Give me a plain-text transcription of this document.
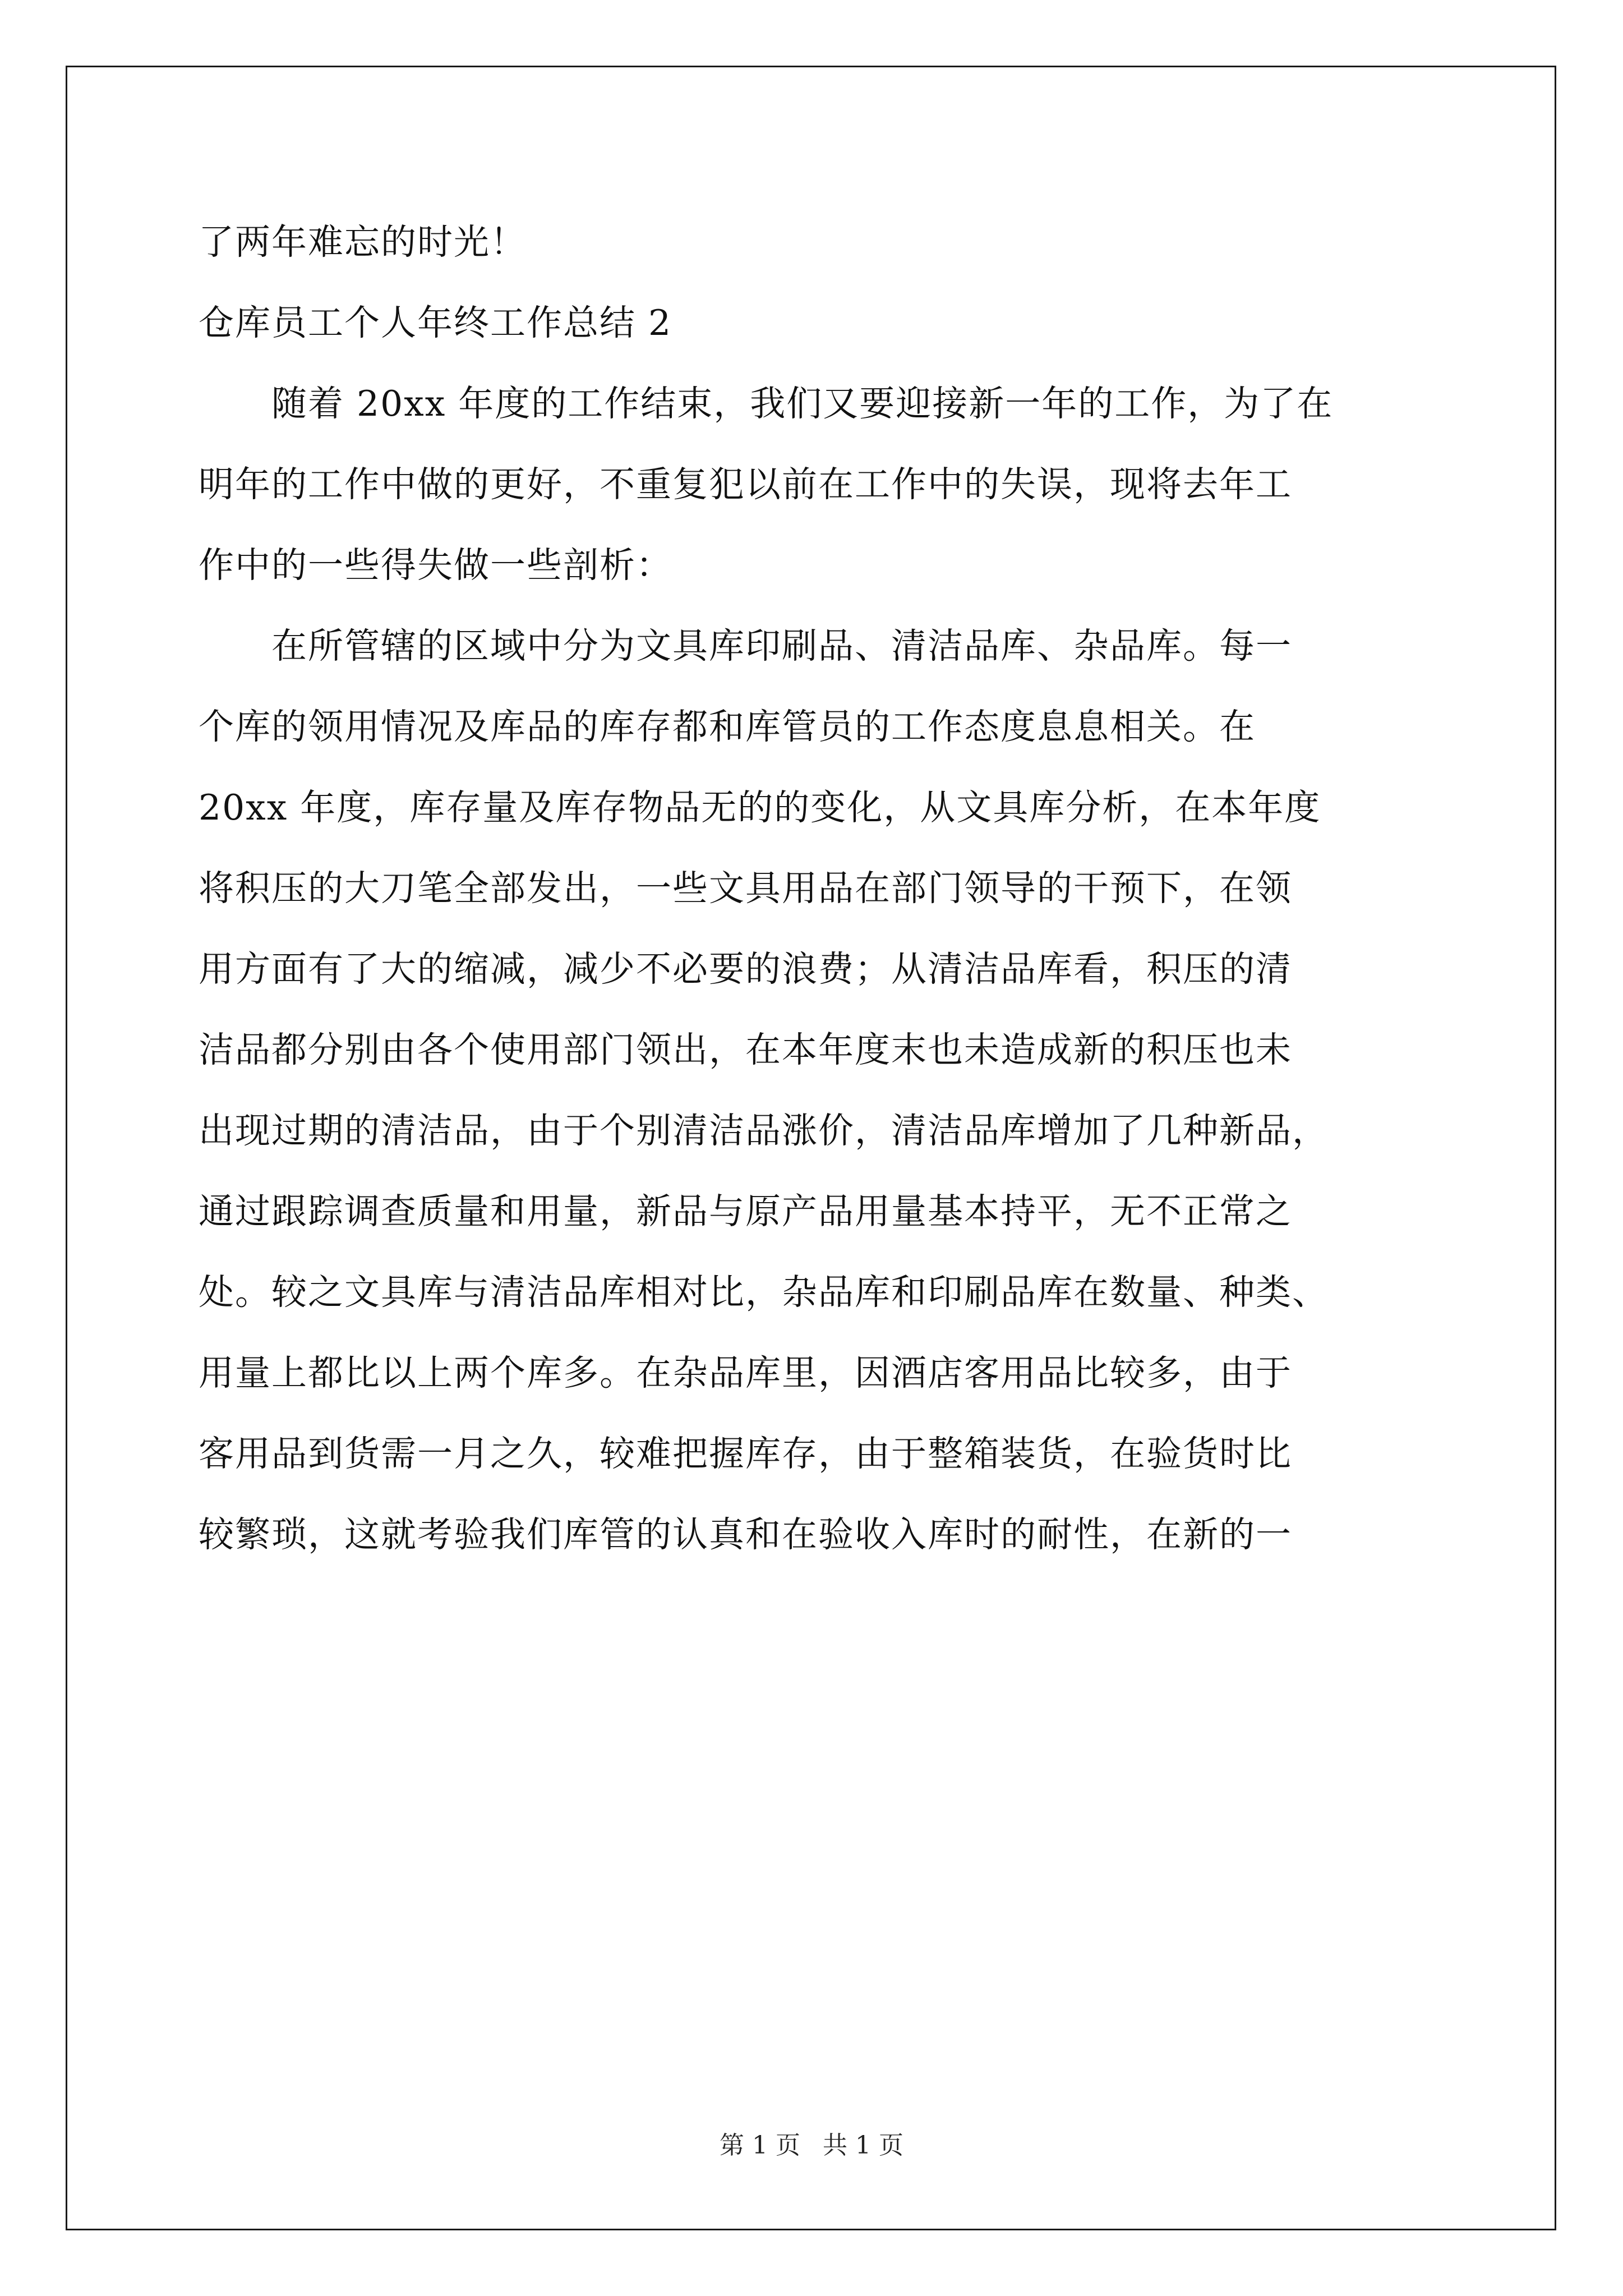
了两年难忘的时光！
仓库员工个人年终工作总结 2
　　随着 20xx 年度的工作结束，我们又要迎接新一年的工作，为了在
明年的工作中做的更好，不重复犯以前在工作中的失误，现将去年工
作中的一些得失做一些剖析：
　　在所管辖的区域中分为文具库印刷品、清洁品库、杂品库。每一
个库的领用情况及库品的库存都和库管员的工作态度息息相关。在
20xx 年度，库存量及库存物品无的的变化，从文具库分析，在本年度
将积压的大刀笔全部发出，一些文具用品在部门领导的干预下，在领
用方面有了大的缩减，减少不必要的浪费；从清洁品库看，积压的清
洁品都分别由各个使用部门领出，在本年度末也未造成新的积压也未
出现过期的清洁品，由于个别清洁品涨价，清洁品库增加了几种新品，
通过跟踪调查质量和用量，新品与原产品用量基本持平，无不正常之
处。较之文具库与清洁品库相对比，杂品库和印刷品库在数量、种类、
用量上都比以上两个库多。在杂品库里，因酒店客用品比较多，由于
客用品到货需一月之久，较难把握库存，由于整箱装货，在验货时比
较繁琐，这就考验我们库管的认真和在验收入库时的耐性，在新的一
第 1 页 共 1 页
